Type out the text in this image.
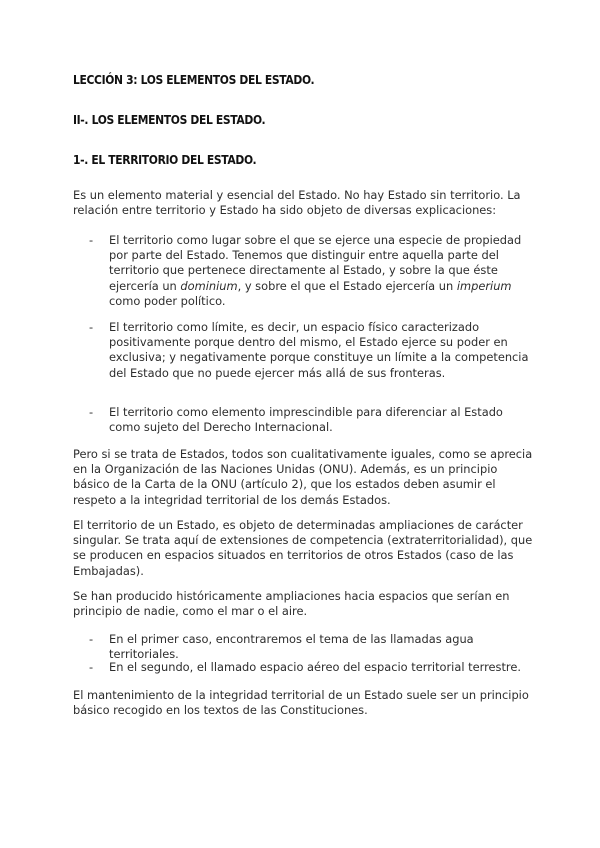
LECCIÓN 3: LOS ELEMENTOS DEL ESTADO.
II-. LOS ELEMENTOS DEL ESTADO.
1-. EL TERRITORIO DEL ESTADO.

Es un elemento material y esencial del Estado. No hay Estado sin territorio. La relación entre territorio y Estado ha sido objeto de diversas explicaciones:

- El territorio como lugar sobre el que se ejerce una especie de propiedad por parte del Estado. Tenemos que distinguir entre aquella parte del territorio que pertenece directamente al Estado, y sobre la que éste ejercería un dominium, y sobre el que el Estado ejercería un imperium como poder político.
- El territorio como límite, es decir, un espacio físico caracterizado positivamente porque dentro del mismo, el Estado ejerce su poder en exclusiva; y negativamente porque constituye un límite a la competencia del Estado que no puede ejercer más allá de sus fronteras.
- El territorio como elemento imprescindible para diferenciar al Estado como sujeto del Derecho Internacional.

Pero si se trata de Estados, todos son cualitativamente iguales, como se aprecia en la Organización de las Naciones Unidas (ONU). Además, es un principio básico de la Carta de la ONU (artículo 2), que los estados deben asumir el respeto a la integridad territorial de los demás Estados.

El territorio de un Estado, es objeto de determinadas ampliaciones de carácter singular. Se trata aquí de extensiones de competencia (extraterritorialidad), que se producen en espacios situados en territorios de otros Estados (caso de las Embajadas).

Se han producido históricamente ampliaciones hacia espacios que serían en principio de nadie, como el mar o el aire.

- En el primer caso, encontraremos el tema de las llamadas agua territoriales.
- En el segundo, el llamado espacio aéreo del espacio territorial terrestre.

El mantenimiento de la integridad territorial de un Estado suele ser un principio básico recogido en los textos de las Constituciones.
